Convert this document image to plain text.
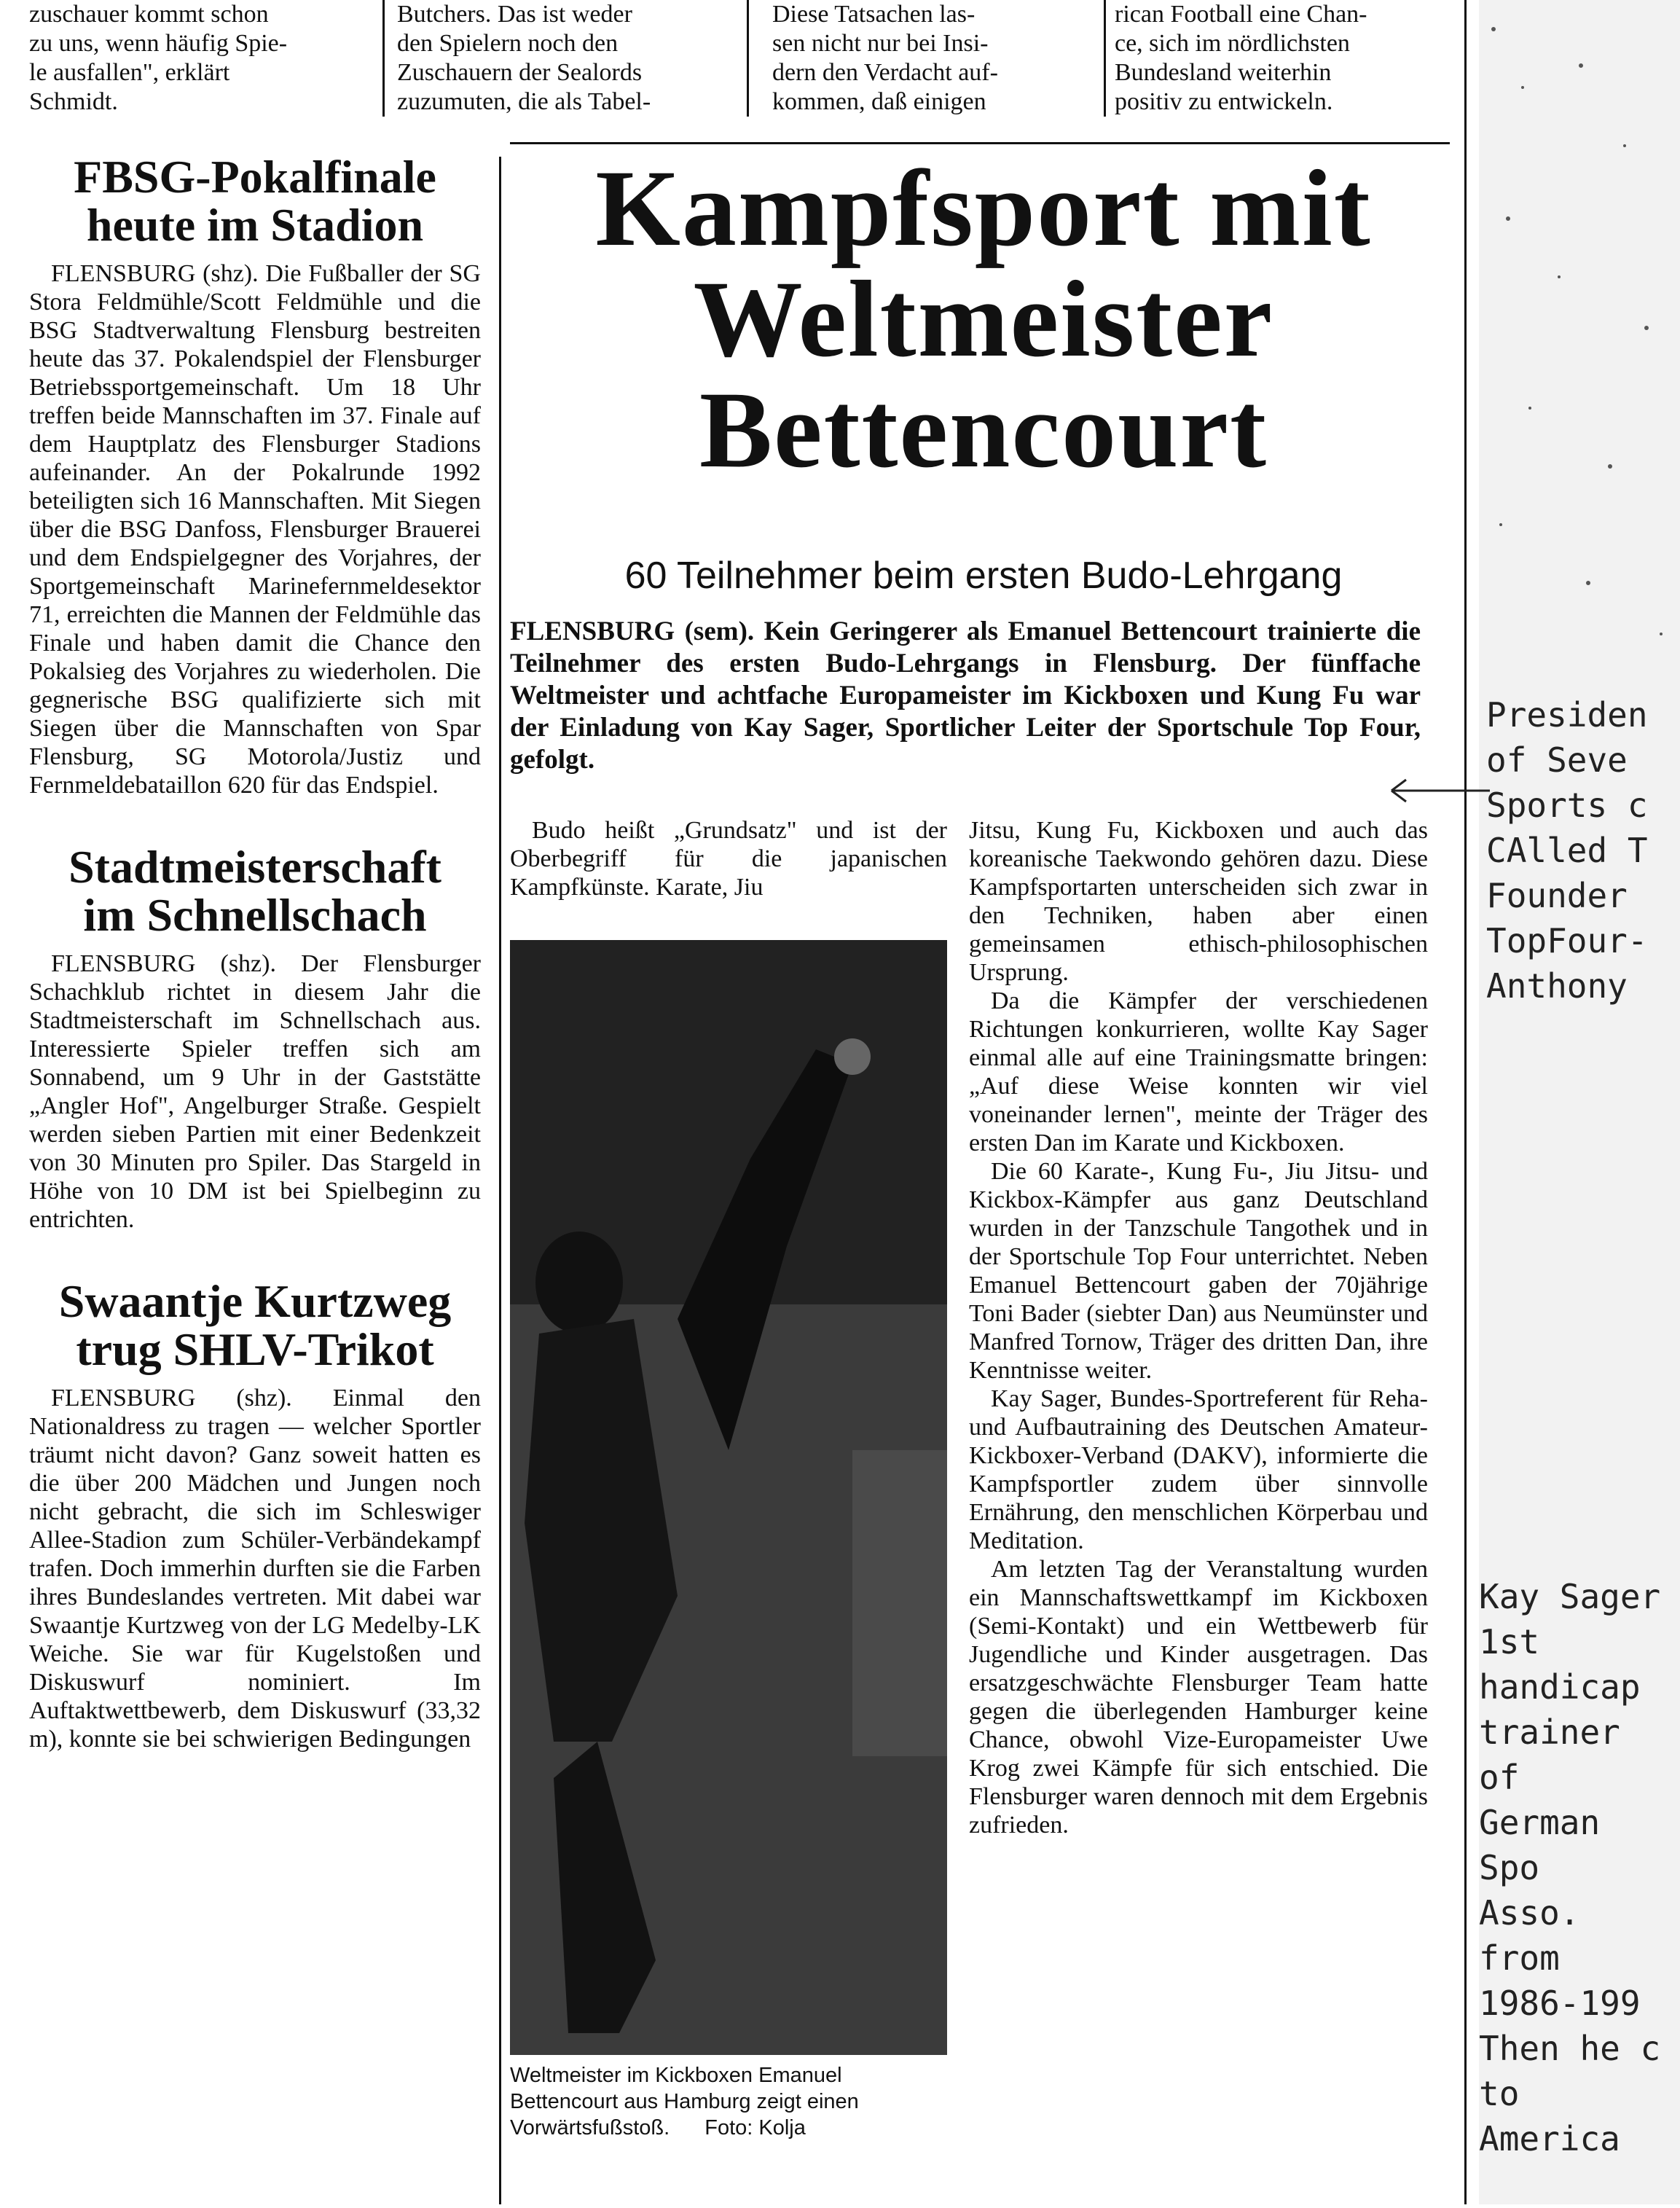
zuschauer kommt schon
zu uns, wenn häufig Spie-
le ausfallen", erklärt
Schmidt.

Butchers. Das ist weder
den Spielern noch den
Zuschauern der Sealords
zuzumuten, die als Tabel-

Diese Tatsachen las-
sen nicht nur bei Insi-
dern den Verdacht auf-
kommen, daß einigen

rican Football eine Chan-
ce, sich im nördlichsten
Bundesland weiterhin
positiv zu entwickeln.

FBSG-Pokalfinale
heute im Stadion

FLENSBURG (shz). Die Fußballer der SG Stora Feldmühle/Scott Feldmühle und die BSG Stadtverwaltung Flensburg bestreiten heute das 37. Pokalendspiel der Flensburger Betriebssportgemeinschaft. Um 18 Uhr treffen beide Mannschaften im 37. Finale auf dem Hauptplatz des Flensburger Stadions aufeinander. An der Pokalrunde 1992 beteiligten sich 16 Mannschaften. Mit Siegen über die BSG Danfoss, Flensburger Brauerei und dem Endspielgegner des Vorjahres, der Sportgemeinschaft Marinefernmeldesektor 71, erreichten die Mannen der Feldmühle das Finale und haben damit die Chance den Pokalsieg des Vorjahres zu wiederholen. Die gegnerische BSG qualifizierte sich mit Siegen über die Mannschaften von Spar Flensburg, SG Motorola/Justiz und Fernmeldebataillon 620 für das Endspiel.

Stadtmeisterschaft
im Schnellschach

FLENSBURG (shz). Der Flensburger Schachklub richtet in diesem Jahr die Stadtmeisterschaft im Schnellschach aus. Interessierte Spieler treffen sich am Sonnabend, um 9 Uhr in der Gaststätte „Angler Hof", Angelburger Straße. Gespielt werden sieben Partien mit einer Bedenkzeit von 30 Minuten pro Spiler. Das Stargeld in Höhe von 10 DM ist bei Spielbeginn zu entrichten.

Swaantje Kurtzweg
trug SHLV-Trikot

FLENSBURG (shz). Einmal den Nationaldress zu tragen — welcher Sportler träumt nicht davon? Ganz soweit hatten es die über 200 Mädchen und Jungen noch nicht gebracht, die sich im Schleswiger Allee-Stadion zum Schüler-Verbändekampf trafen. Doch immerhin durften sie die Farben ihres Bundeslandes vertreten. Mit dabei war Swaantje Kurtzweg von der LG Medelby-LK Weiche. Sie war für Kugelstoßen und Diskuswurf nominiert. Im Auftaktwettbewerb, dem Diskuswurf (33,32 m), konnte sie bei schwierigen Bedingungen

Kampfsport mit
Weltmeister
Bettencourt

60 Teilnehmer beim ersten Budo-Lehrgang

FLENSBURG (sem). Kein Geringerer als Emanuel Bettencourt trainierte die Teilnehmer des ersten Budo-Lehrgangs in Flensburg. Der fünffache Weltmeister und achtfache Europameister im Kickboxen und Kung Fu war der Einladung von Kay Sager, Sportlicher Leiter der Sportschule Top Four, gefolgt.

Budo heißt „Grundsatz" und ist der Oberbegriff für die japanischen Kampfkünste. Karate, Jiu

Weltmeister im Kickboxen Emanuel Bettencourt aus Hamburg zeigt einen Vorwärtsfußstoß. Foto: Kolja

Jitsu, Kung Fu, Kickboxen und auch das koreanische Taekwondo gehören dazu. Diese Kampfsportarten unterscheiden sich zwar in den Techniken, haben aber einen gemeinsamen ethisch-philosophischen Ursprung.

Da die Kämpfer der verschiedenen Richtungen konkurrieren, wollte Kay Sager einmal alle auf eine Trainingsmatte bringen: „Auf diese Weise konnten wir viel voneinander lernen", meinte der Träger des ersten Dan im Karate und Kickboxen.

Die 60 Karate-, Kung Fu-, Jiu Jitsu- und Kickbox-Kämpfer aus ganz Deutschland wurden in der Tanzschule Tangothek und in der Sportschule Top Four unterrichtet. Neben Emanuel Bettencourt gaben der 70jährige Toni Bader (siebter Dan) aus Neumünster und Manfred Tornow, Träger des dritten Dan, ihre Kenntnisse weiter.

Kay Sager, Bundes-Sportreferent für Reha- und Aufbautraining des Deutschen Amateur-Kickboxer-Verband (DAKV), informierte die Kampfsportler zudem über sinnvolle Ernährung, den menschlichen Körperbau und Meditation.

Am letzten Tag der Veranstaltung wurden ein Mannschaftswettkampf im Kickboxen (Semi-Kontakt) und ein Wettbewerb für Jugendliche und Kinder ausgetragen. Das ersatzgeschwächte Flensburger Team hatte gegen die überlegenden Hamburger keine Chance, obwohl Vize-Europameister Uwe Krog zwei Kämpfe für sich entschied. Die Flensburger waren dennoch mit dem Ergebnis zufrieden.

Presiden
of Seve
Sports c
CAlled T
Founder
TopFour-
Anthony

Kay Sager
1st handicap
trainer of
German Spo
Asso. from
1986-199
Then he c
to America
